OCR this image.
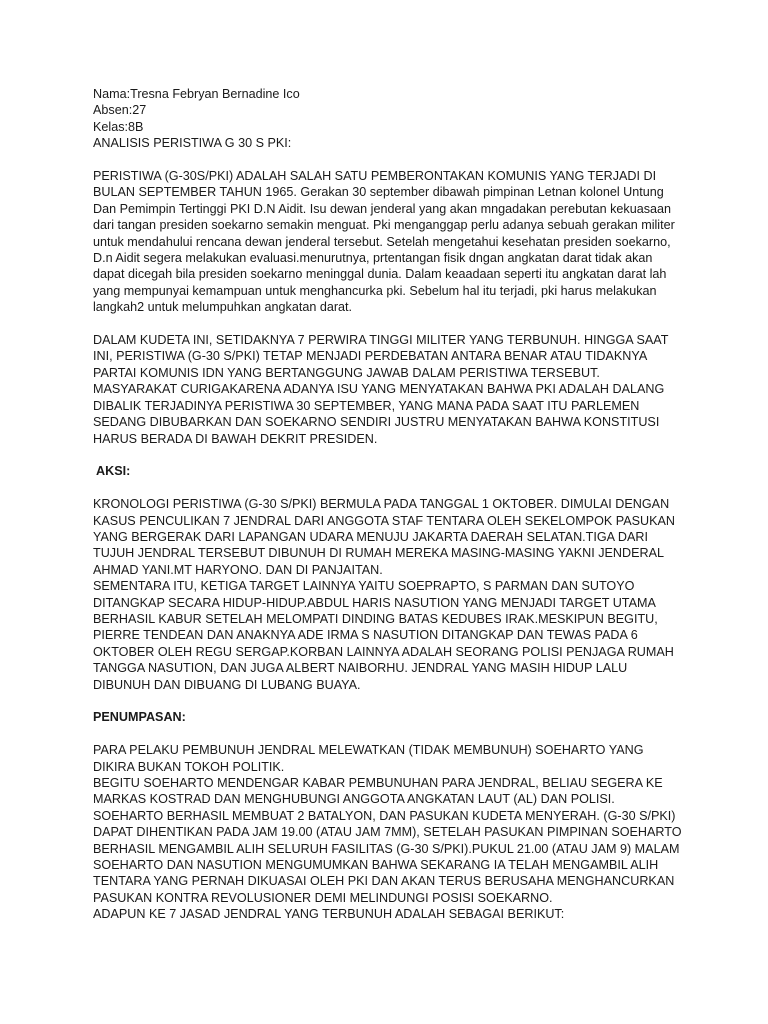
Nama:Tresna Febryan Bernadine Ico

Absen:27

Kelas:8B

ANALISIS PERISTIWA G 30 S PKI:

PERISTIWA (G-30S/PKI) ADALAH SALAH SATU PEMBERONTAKAN KOMUNIS YANG TERJADI DI BULAN SEPTEMBER TAHUN 1965. Gerakan 30 september dibawah pimpinan Letnan kolonel Untung Dan Pemimpin Tertinggi PKI D.N Aidit. Isu dewan jenderal yang akan mngadakan perebutan kekuasaan dari tangan presiden soekarno semakin menguat. Pki menganggap perlu adanya sebuah gerakan militer untuk mendahului rencana dewan jenderal tersebut. Setelah mengetahui kesehatan presiden soekarno, D.n Aidit segera melakukan evaluasi.menurutnya, prtentangan fisik dngan angkatan darat tidak akan dapat dicegah bila presiden soekarno meninggal dunia. Dalam keaadaan seperti itu angkatan darat lah yang mempunyai kemampuan untuk menghancurka pki. Sebelum hal itu terjadi, pki harus melakukan langkah2 untuk melumpuhkan angkatan darat.

DALAM KUDETA INI, SETIDAKNYA 7 PERWIRA TINGGI MILITER YANG TERBUNUH. HINGGA SAAT INI, PERISTIWA (G-30 S/PKI) TETAP MENJADI PERDEBATAN ANTARA BENAR ATAU TIDAKNYA PARTAI KOMUNIS IDN YANG BERTANGGUNG JAWAB DALAM PERISTIWA TERSEBUT. MASYARAKAT CURIGAKARENA ADANYA ISU YANG MENYATAKAN BAHWA PKI ADALAH DALANG DIBALIK TERJADINYA PERISTIWA 30 SEPTEMBER, YANG MANA PADA SAAT ITU PARLEMEN SEDANG DIBUBARKAN DAN SOEKARNO SENDIRI JUSTRU MENYATAKAN BAHWA KONSTITUSI HARUS BERADA DI BAWAH DEKRIT PRESIDEN.

AKSI:

KRONOLOGI PERISTIWA (G-30 S/PKI) BERMULA PADA TANGGAL 1 OKTOBER. DIMULAI DENGAN KASUS PENCULIKAN 7 JENDRAL DARI ANGGOTA STAF TENTARA OLEH SEKELOMPOK PASUKAN YANG BERGERAK DARI LAPANGAN UDARA MENUJU JAKARTA DAERAH SELATAN.TIGA DARI TUJUH JENDRAL TERSEBUT DIBUNUH DI RUMAH MEREKA MASING-MASING YAKNI JENDERAL AHMAD YANI.MT HARYONO. DAN DI PANJAITAN.

SEMENTARA ITU, KETIGA TARGET LAINNYA YAITU SOEPRAPTO, S PARMAN DAN SUTOYO DITANGKAP SECARA HIDUP-HIDUP.ABDUL HARIS NASUTION YANG MENJADI TARGET UTAMA BERHASIL KABUR SETELAH MELOMPATI DINDING BATAS KEDUBES IRAK.MESKIPUN BEGITU, PIERRE TENDEAN DAN ANAKNYA ADE IRMA S NASUTION DITANGKAP DAN TEWAS PADA 6 OKTOBER OLEH REGU SERGAP.KORBAN LAINNYA ADALAH SEORANG POLISI PENJAGA RUMAH TANGGA NASUTION, DAN JUGA ALBERT NAIBORHU. JENDRAL YANG MASIH HIDUP LALU DIBUNUH DAN DIBUANG DI LUBANG BUAYA.

PENUMPASAN:

PARA PELAKU PEMBUNUH JENDRAL MELEWATKAN (TIDAK MEMBUNUH) SOEHARTO YANG DIKIRA BUKAN TOKOH POLITIK.

BEGITU SOEHARTO MENDENGAR KABAR PEMBUNUHAN PARA JENDRAL, BELIAU SEGERA KE MARKAS KOSTRAD DAN MENGHUBUNGI ANGGOTA ANGKATAN LAUT (AL) DAN POLISI.

SOEHARTO BERHASIL MEMBUAT 2 BATALYON, DAN PASUKAN KUDETA MENYERAH. (G-30 S/PKI) DAPAT DIHENTIKAN PADA JAM 19.00 (ATAU JAM 7MM), SETELAH PASUKAN PIMPINAN SOEHARTO BERHASIL MENGAMBIL ALIH SELURUH FASILITAS (G-30 S/PKI).PUKUL 21.00 (ATAU JAM 9) MALAM SOEHARTO DAN NASUTION MENGUMUMKAN BAHWA SEKARANG IA TELAH MENGAMBIL ALIH TENTARA YANG PERNAH DIKUASAI OLEH PKI DAN AKAN TERUS BERUSAHA MENGHANCURKAN PASUKAN KONTRA REVOLUSIONER DEMI MELINDUNGI POSISI SOEKARNO.

ADAPUN KE 7 JASAD JENDRAL YANG TERBUNUH ADALAH SEBAGAI BERIKUT:
